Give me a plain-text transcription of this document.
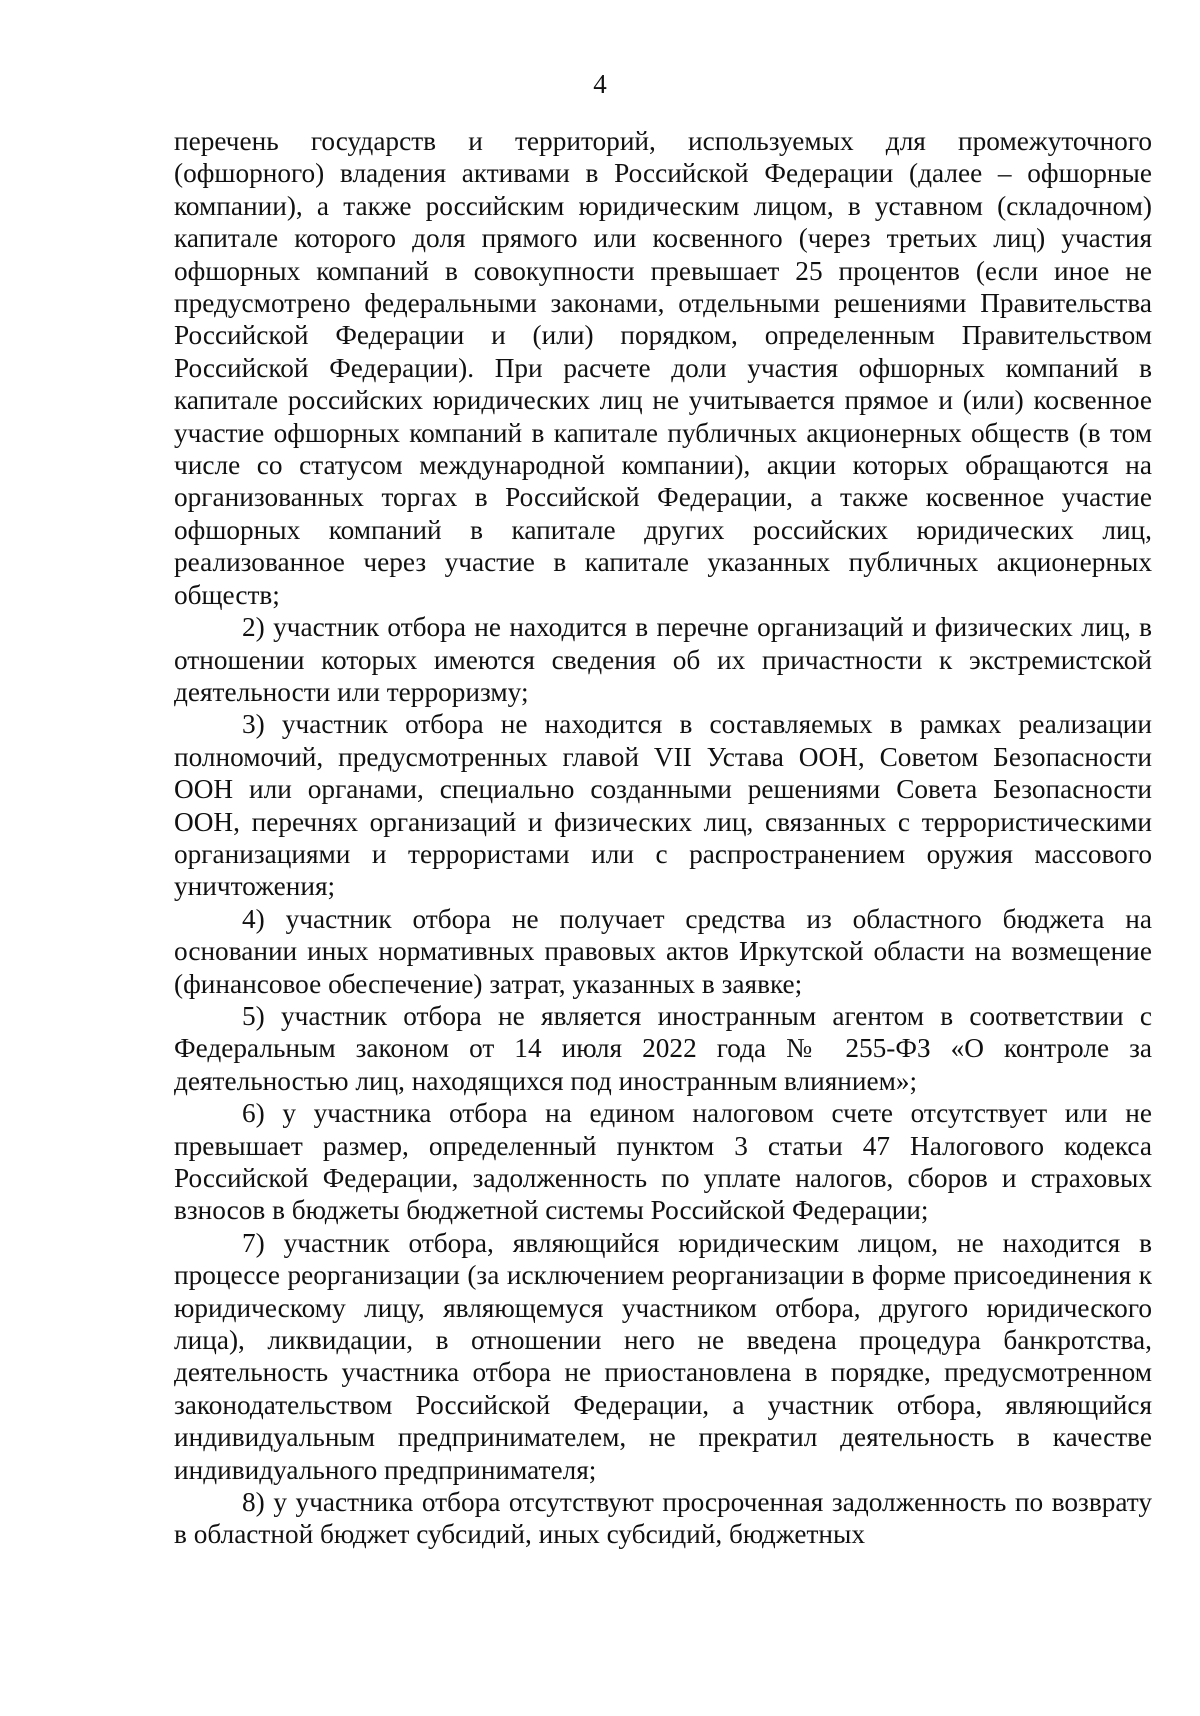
4

перечень государств и территорий, используемых для промежуточного (офшорного) владения активами в Российской Федерации (далее – офшорные компании), а также российским юридическим лицом, в уставном (складочном) капитале которого доля прямого или косвенного (через третьих лиц) участия офшорных компаний в совокупности превышает 25 процентов (если иное не предусмотрено федеральными законами, отдельными решениями Правительства Российской Федерации и (или) порядком, определенным Правительством Российской Федерации). При расчете доли участия офшорных компаний в капитале российских юридических лиц не учитывается прямое и (или) косвенное участие офшорных компаний в капитале публичных акционерных обществ (в том числе со статусом международной компании), акции которых обращаются на организованных торгах в Российской Федерации, а также косвенное участие офшорных компаний в капитале других российских юридических лиц, реализованное через участие в капитале указанных публичных акционерных обществ;

2) участник отбора не находится в перечне организаций и физических лиц, в отношении которых имеются сведения об их причастности к экстремистской деятельности или терроризму;

3) участник отбора не находится в составляемых в рамках реализации полномочий, предусмотренных главой VII Устава ООН, Советом Безопасности ООН или органами, специально созданными решениями Совета Безопасности ООН, перечнях организаций и физических лиц, связанных с террористическими организациями и террористами или с распространением оружия массового уничтожения;

4) участник отбора не получает средства из областного бюджета на основании иных нормативных правовых актов Иркутской области на возмещение (финансовое обеспечение) затрат, указанных в заявке;

5) участник отбора не является иностранным агентом в соответствии с Федеральным законом от 14 июля 2022 года № 255-ФЗ «О контроле за деятельностью лиц, находящихся под иностранным влиянием»;

6) у участника отбора на едином налоговом счете отсутствует или не превышает размер, определенный пунктом 3 статьи 47 Налогового кодекса Российской Федерации, задолженность по уплате налогов, сборов и страховых взносов в бюджеты бюджетной системы Российской Федерации;

7) участник отбора, являющийся юридическим лицом, не находится в процессе реорганизации (за исключением реорганизации в форме присоединения к юридическому лицу, являющемуся участником отбора, другого юридического лица), ликвидации, в отношении него не введена процедура банкротства, деятельность участника отбора не приостановлена в порядке, предусмотренном законодательством Российской Федерации, а участник отбора, являющийся индивидуальным предпринимателем, не прекратил деятельность в качестве индивидуального предпринимателя;

8) у участника отбора отсутствуют просроченная задолженность по возврату в областной бюджет субсидий, иных субсидий, бюджетных
